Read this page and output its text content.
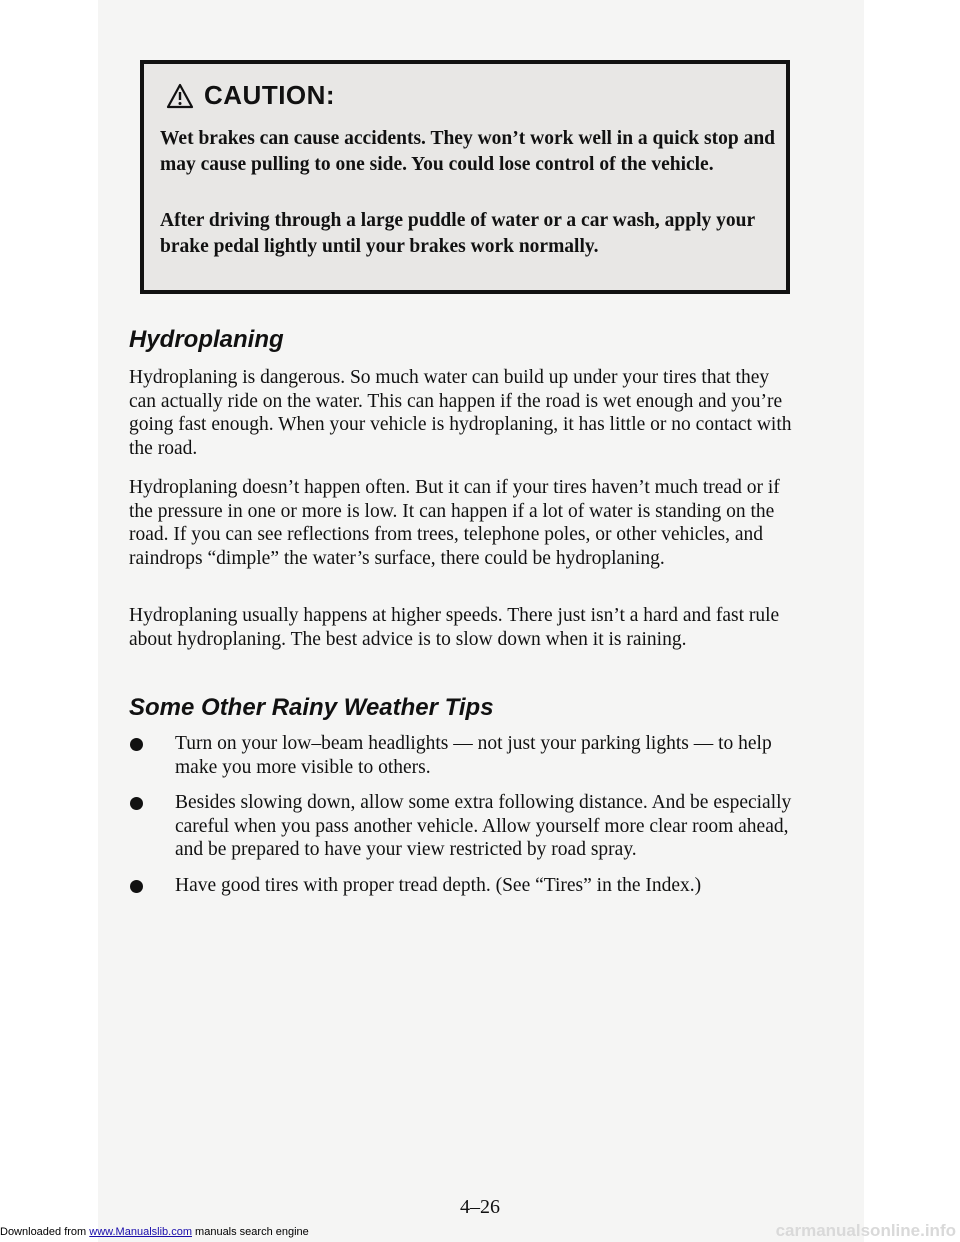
CAUTION:

Wet brakes can cause accidents. They won’t work well in a quick stop and may cause pulling to one side. You could lose control of the vehicle.

After driving through a large puddle of water or a car wash, apply your brake pedal lightly until your brakes work normally.

Hydroplaning

Hydroplaning is dangerous. So much water can build up under your tires that they can actually ride on the water. This can happen if the road is wet enough and you’re going fast enough. When your vehicle is hydroplaning, it has little or no contact with the road.

Hydroplaning doesn’t happen often. But it can if your tires haven’t much tread or if the pressure in one or more is low. It can happen if a lot of water is standing on the road. If you can see reflections from trees, telephone poles, or other vehicles, and raindrops “dimple” the water’s surface, there could be hydroplaning.

Hydroplaning usually happens at higher speeds. There just isn’t a hard and fast rule about hydroplaning. The best advice is to slow down when it is raining.

Some Other Rainy Weather Tips
Turn on your low–beam headlights — not just your parking lights — to help make you more visible to others.
Besides slowing down, allow some extra following distance. And be especially careful when you pass another vehicle. Allow yourself more clear room ahead, and be prepared to have your view restricted by road spray.
Have good tires with proper tread depth. (See “Tires” in the Index.)
4–26
Downloaded from www.Manualslib.com manuals search engine	carmanualsonline.info
